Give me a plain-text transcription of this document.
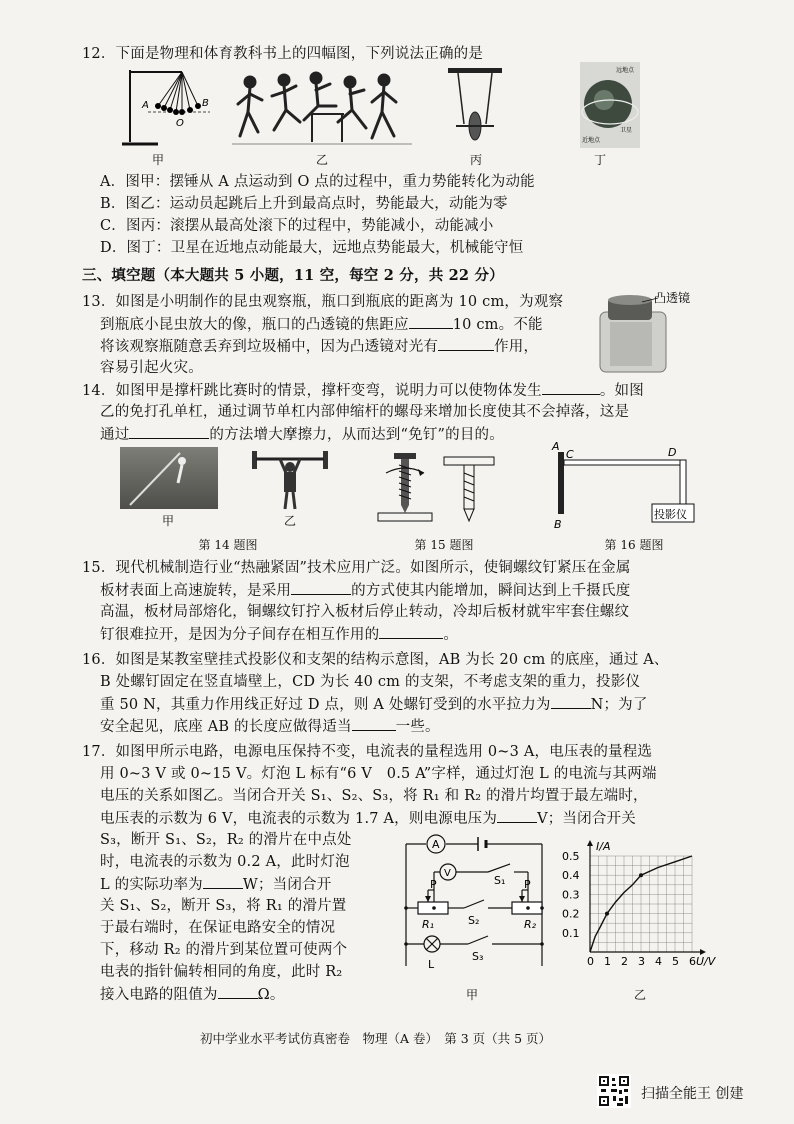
12．下面是物理和体育教科书上的四幅图，下列说法正确的是
A	B
O
甲	乙	丙
远地点
近地点
卫星
丁
A．图甲：摆锤从 A 点运动到 O 点的过程中，重力势能转化为动能
B．图乙：运动员起跳后上升到最高点时，势能最大，动能为零
C．图丙：滚摆从最高处滚下的过程中，势能减小，动能减小
D．图丁：卫星在近地点动能最大，远地点势能最大，机械能守恒
三、填空题（本大题共 5 小题，11 空，每空 2 分，共 22 分）
13．如图是小明制作的昆虫观察瓶，瓶口到瓶底的距离为 10 cm，为观察
到瓶底小昆虫放大的像，瓶口的凸透镜的焦距应	10 cm。不能
将该观察瓶随意丢弃到垃圾桶中，因为凸透镜对光有	作用，
容易引起火灾。
凸透镜
14．如图甲是撑杆跳比赛时的情景，撑杆变弯，说明力可以使物体发生	。如图
乙的免打孔单杠，通过调节单杠内部伸缩杆的螺母来增加长度使其不会掉落，这是
通过	的方法增大摩擦力，从而达到“免钉”的目的。
甲	乙
A
C	D
B
投影仪
第 14 题图	第 15 题图	第 16 题图
15．现代机械制造行业“热融紧固”技术应用广泛。如图所示，使铜螺纹钉紧压在金属
板材表面上高速旋转，是采用	的方式使其内能增加，瞬间达到上千摄氏度
高温，板材局部熔化，铜螺纹钉拧入板材后停止转动，冷却后板材就牢牢套住螺纹
钉很难拉开，是因为分子间存在相互作用的	。
16．如图是某教室壁挂式投影仪和支架的结构示意图，AB 为长 20 cm 的底座，通过 A、
B 处螺钉固定在竖直墙壁上，CD 为长 40 cm 的支架，不考虑支架的重力，投影仪
重 50 N，其重力作用线正好过 D 点，则 A 处螺钉受到的水平拉力为	N；为了
安全起见，底座 AB 的长度应做得适当	一些。
17．如图甲所示电路，电源电压保持不变，电流表的量程选用 0~3 A，电压表的量程选
用 0~3 V 或 0~15 V。灯泡 L 标有“6 V　0.5 A”字样，通过灯泡 L 的电流与其两端
电压的关系如图乙。当闭合开关 S₁、S₂、S₃，将 R₁ 和 R₂ 的滑片均置于最左端时，
电压表的示数为 6 V，电流表的示数为 1.7 A，则电源电压为	V；当闭合开关
S₃，断开 S₁、S₂，R₂ 的滑片在中点处
时，电流表的示数为 0.2 A，此时灯泡
L 的实际功率为	W；当闭合开
关 S₁、S₂，断开 S₃，将 R₁ 的滑片置
于最右端时，在保证电路安全的情况
下，移动 R₂ 的滑片到某位置可使两个
电表的指针偏转相同的角度，此时 R₂
接入电路的阻值为	Ω。
A
V
S₁
S₂
S₃
R₁	R₂
P	P
L
甲
0 1 2 3 4 5 6
0.1
0.2
0.3
0.4
0.5
U/V
I/A
乙
初中学业水平考试仿真密卷　物理（A 卷）　第 3 页（共 5 页）
扫描全能王 创建
